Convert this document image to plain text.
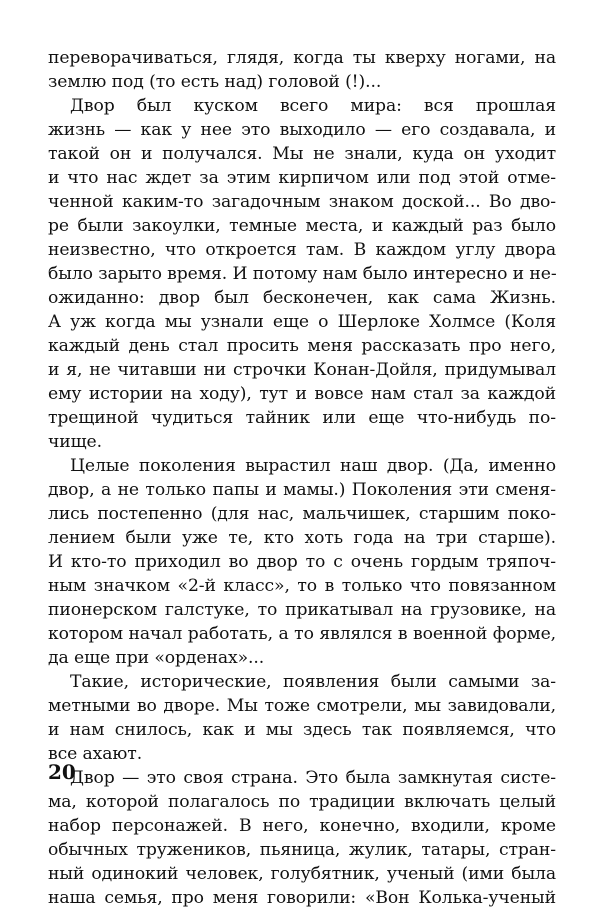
переворачиваться, глядя, когда ты кверху ногами, на
землю под (то есть над) головой (!)...
Двор был куском всего мира: вся прошлая
жизнь — как у нее это выходило — его создавала, и
такой он и получался. Мы не знали, куда он уходит
и что нас ждет за этим кирпичом или под этой отме-
ченной каким-то загадочным знаком доской... Во дво-
ре были закоулки, темные места, и каждый раз было
неизвестно, что откроется там. В каждом углу двора
было зарыто время. И потому нам было интересно и не-
ожиданно: двор был бесконечен, как сама Жизнь.
А уж когда мы узнали еще о Шерлоке Холмсе (Коля
каждый день стал просить меня рассказать про него,
и я, не читавши ни строчки Конан-Дойля, придумывал
ему истории на ходу), тут и вовсе нам стал за каждой
трещиной чудиться тайник или еще что-нибудь по-
чище.
Целые поколения вырастил наш двор. (Да, именно
двор, а не только папы и мамы.) Поколения эти сменя-
лись постепенно (для нас, мальчишек, старшим поко-
лением были уже те, кто хоть года на три старше).
И кто-то приходил во двор то с очень гордым тряпоч-
ным значком «2-й класс», то в только что повязанном
пионерском галстуке, то прикатывал на грузовике, на
котором начал работать, а то являлся в военной форме,
да еще при «орденах»...
Такие, исторические, появления были самыми за-
метными во дворе. Мы тоже смотрели, мы завидовали,
и нам снилось, как и мы здесь так появляемся, что
все ахают.
Двор — это своя страна. Это была замкнутая систе-
ма, которой полагалось по традиции включать целый
набор персонажей. В него, конечно, входили, кроме
обычных тружеников, пьяница, жулик, татары, стран-
ный одинокий человек, голубятник, ученый (ими была
наша семья, про меня говорили: «Вон Колька-ученый
20
